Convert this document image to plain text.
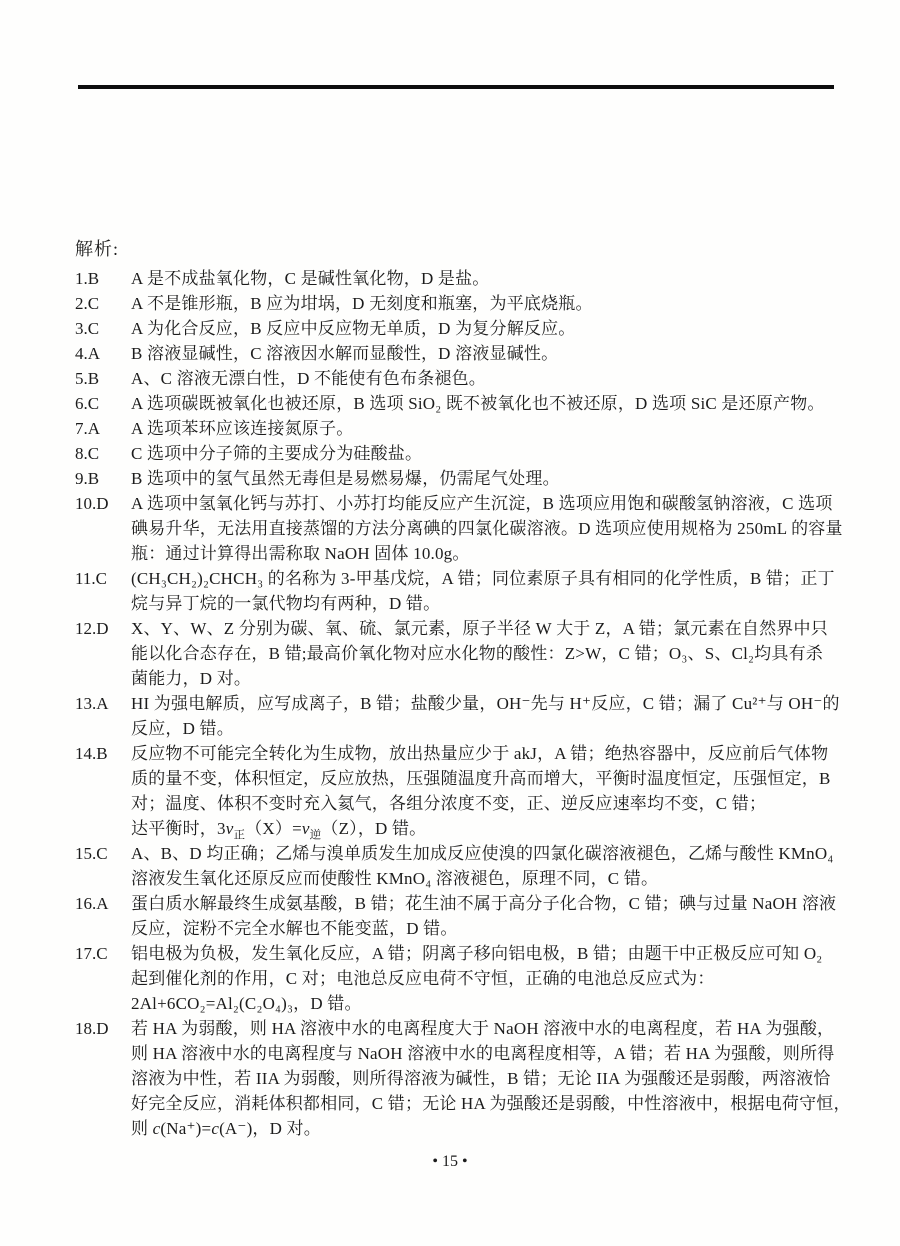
解析:
1.B	A 是不成盐氧化物，C 是碱性氧化物，D 是盐。
2.C	A 不是锥形瓶，B 应为坩埚，D 无刻度和瓶塞，为平底烧瓶。
3.C	A 为化合反应，B 反应中反应物无单质，D 为复分解反应。
4.A	B 溶液显碱性，C 溶液因水解而显酸性，D 溶液显碱性。
5.B	A、C 溶液无漂白性，D 不能使有色布条褪色。
6.C	A 选项碳既被氧化也被还原，B 选项 SiO₂ 既不被氧化也不被还原，D 选项 SiC 是还原产物。
7.A	A 选项苯环应该连接氮原子。
8.C	C 选项中分子筛的主要成分为硅酸盐。
9.B	B 选项中的氢气虽然无毒但是易燃易爆，仍需尾气处理。
10.D	A 选项中氢氧化钙与苏打、小苏打均能反应产生沉淀，B 选项应用饱和碳酸氢钠溶液，C 选项
碘易升华，无法用直接蒸馏的方法分离碘的四氯化碳溶液。D 选项应使用规格为 250mL 的容量
瓶：通过计算得出需称取 NaOH 固体 10.0g。
11.C	(CH₃CH₂)₂CHCH₃ 的名称为 3-甲基戊烷，A 错；同位素原子具有相同的化学性质，B 错；正丁
烷与异丁烷的一氯代物均有两种，D 错。
12.D	X、Y、W、Z 分别为碳、氧、硫、氯元素，原子半径 W 大于 Z，A 错；氯元素在自然界中只
能以化合态存在，B 错;最高价氧化物对应水化物的酸性：Z>W，C 错；O₃、S、Cl₂均具有杀
菌能力，D 对。
13.A	HI 为强电解质，应写成离子，B 错；盐酸少量，OH⁻先与 H⁺反应，C 错；漏了 Cu²⁺与 OH⁻的
反应，D 错。
14.B	反应物不可能完全转化为生成物，放出热量应少于 akJ，A 错；绝热容器中，反应前后气体物
质的量不变，体积恒定，反应放热，压强随温度升高而增大，平衡时温度恒定，压强恒定，B
对；温度、体积不变时充入氦气，各组分浓度不变，正、逆反应速率均不变，C 错；
达平衡时，$3v_正(X)=v_逆(Z)$，D 错。
15.C	A、B、D 均正确；乙烯与溴单质发生加成反应使溴的四氯化碳溶液褪色，乙烯与酸性 KMnO₄
溶液发生氧化还原反应而使酸性 KMnO₄ 溶液褪色，原理不同，C 错。
16.A	蛋白质水解最终生成氨基酸，B 错；花生油不属于高分子化合物，C 错；碘与过量 NaOH 溶液
反应，淀粉不完全水解也不能变蓝，D 错。
17.C	铝电极为负极，发生氧化反应，A 错；阴离子移向铝电极，B 错；由题干中正极反应可知 O₂
起到催化剂的作用，C 对；电池总反应电荷不守恒，正确的电池总反应式为：
2Al+6CO₂=Al₂(C₂O₄)₃，D 错。
18.D	若 HA 为弱酸，则 HA 溶液中水的电离程度大于 NaOH 溶液中水的电离程度，若 HA 为强酸，
则 HA 溶液中水的电离程度与 NaOH 溶液中水的电离程度相等，A 错；若 HA 为强酸，则所得
溶液为中性，若 IIA 为弱酸，则所得溶液为碱性，B 错；无论 IIA 为强酸还是弱酸，两溶液恰
好完全反应，消耗体积都相同，C 错；无论 HA 为强酸还是弱酸，中性溶液中，根据电荷守恒，
则 c(Na⁺)=c(A⁻)，D 对。
• 15 •
